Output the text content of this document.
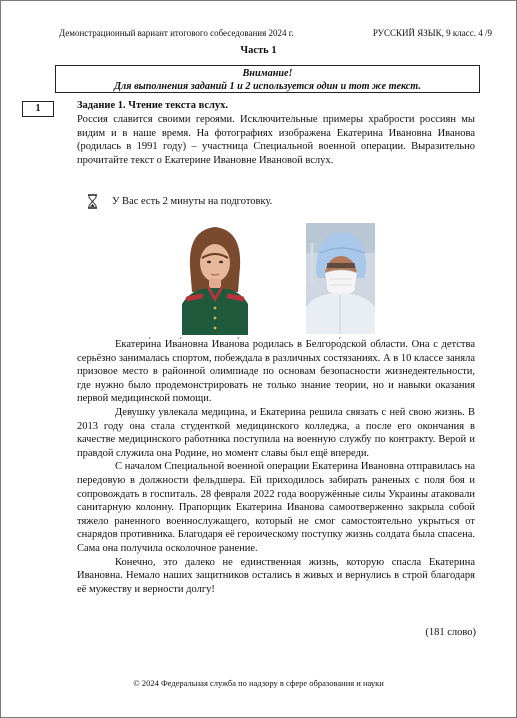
Демонстрационный вариант итогового собеседования 2024 г.	РУССКИЙ ЯЗЫК, 9 класс. 4 /9
Часть 1
Внимание!
Для выполнения заданий 1 и 2 используется один и тот же текст.
1	Задание 1. Чтение текста вслух.
Россия славится своими героями. Исключительные примеры храбрости россиян мы видим и в наше время. На фотографиях изображена Екатерина Ивановна Иванова (родилась в 1991 году) – участница Специальной военной операции. Выразительно прочитайте текст о Екатерине Ивановне Ивановой вслух.
У Вас есть 2 минуты на подготовку.

Екатери́на Ива́новна Ивано́ва родилась в Белгоро́дской области. Она с детства серьёзно занималась спортом, побеждала в различных состязаниях. А в 10 классе заняла призовое место в районной олимпиаде по основам безопасности жизнедеятельности, где нужно было продемонстрировать не только знание теории, но и навыки оказания первой медицинской помощи.

Девушку увлекала медицина, и Екатерина решила связать с ней свою жизнь. В 2013 году она стала студенткой медицинского колледжа, а после его окончания в качестве медицинского работника поступила на военную службу по контракту. Верой и правдой служила она Родине, но момент славы был ещё впереди.

С началом Специальной военной операции Екатерина Ивановна отправилась на передовую в должности фельдшера. Ей приходилось забирать раненых с поля боя и сопровождать в госпиталь. 28 февраля 2022 года вооружённые силы Украины атаковали санитарную колонну. Прапорщик Екатерина Иванова самоотверженно закрыла собой тяжело раненного военнослужащего, который не смог самостоятельно укрыться от снарядов противника. Благодаря её героическому поступку жизнь солдата была спасена. Сама она получила осколочное ранение.

Конечно, это далеко не единственная жизнь, которую спасла Екатерина Ивановна. Немало наших защитников остались в живых и вернулись в строй благодаря её мужеству и верности долгу!

(181 слово)
© 2024 Федеральная служба по надзору в сфере образования и науки
